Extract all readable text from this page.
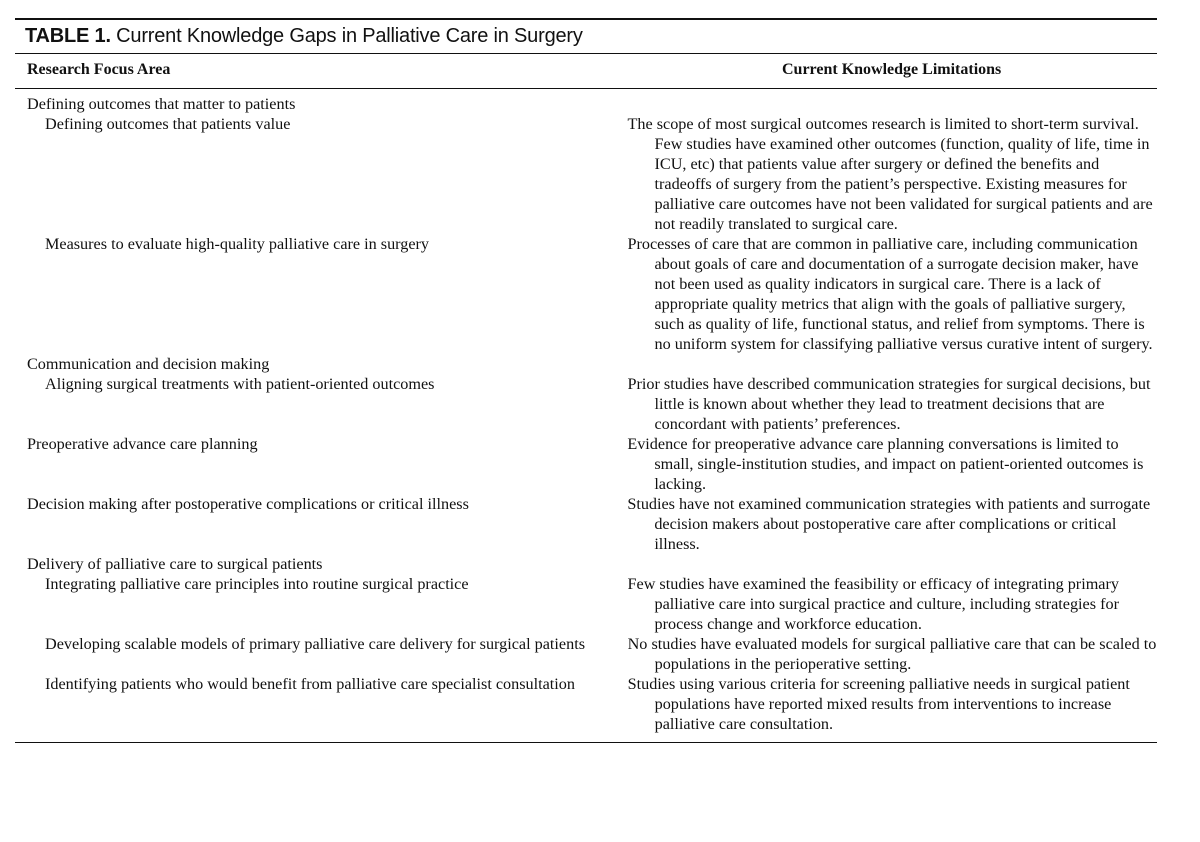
TABLE 1. Current Knowledge Gaps in Palliative Care in Surgery
Research Focus Area	Current Knowledge Limitations
Defining outcomes that matter to patients
Defining outcomes that patients value	The scope of most surgical outcomes research is limited to short-term survival. Few studies have examined other outcomes (function, quality of life, time in ICU, etc) that patients value after surgery or defined the benefits and tradeoffs of surgery from the patient’s perspective. Existing measures for palliative care outcomes have not been validated for surgical patients and are not readily translated to surgical care.
Measures to evaluate high-quality palliative care in surgery	Processes of care that are common in palliative care, including communication about goals of care and documentation of a surrogate decision maker, have not been used as quality indicators in surgical care. There is a lack of appropriate quality metrics that align with the goals of palliative surgery, such as quality of life, functional status, and relief from symptoms. There is no uniform system for classifying palliative versus curative intent of surgery.
Communication and decision making
Aligning surgical treatments with patient-oriented outcomes	Prior studies have described communication strategies for surgical decisions, but little is known about whether they lead to treatment decisions that are concordant with patients’ preferences.
Preoperative advance care planning	Evidence for preoperative advance care planning conversations is limited to small, single-institution studies, and impact on patient-oriented outcomes is lacking.
Decision making after postoperative complications or critical illness	Studies have not examined communication strategies with patients and surrogate decision makers about postoperative care after complications or critical illness.
Delivery of palliative care to surgical patients
Integrating palliative care principles into routine surgical practice	Few studies have examined the feasibility or efficacy of integrating primary palliative care into surgical practice and culture, including strategies for process change and workforce education.
Developing scalable models of primary palliative care delivery for surgical patients	No studies have evaluated models for surgical palliative care that can be scaled to populations in the perioperative setting.
Identifying patients who would benefit from palliative care specialist consultation	Studies using various criteria for screening palliative needs in surgical patient populations have reported mixed results from interventions to increase palliative care consultation.
